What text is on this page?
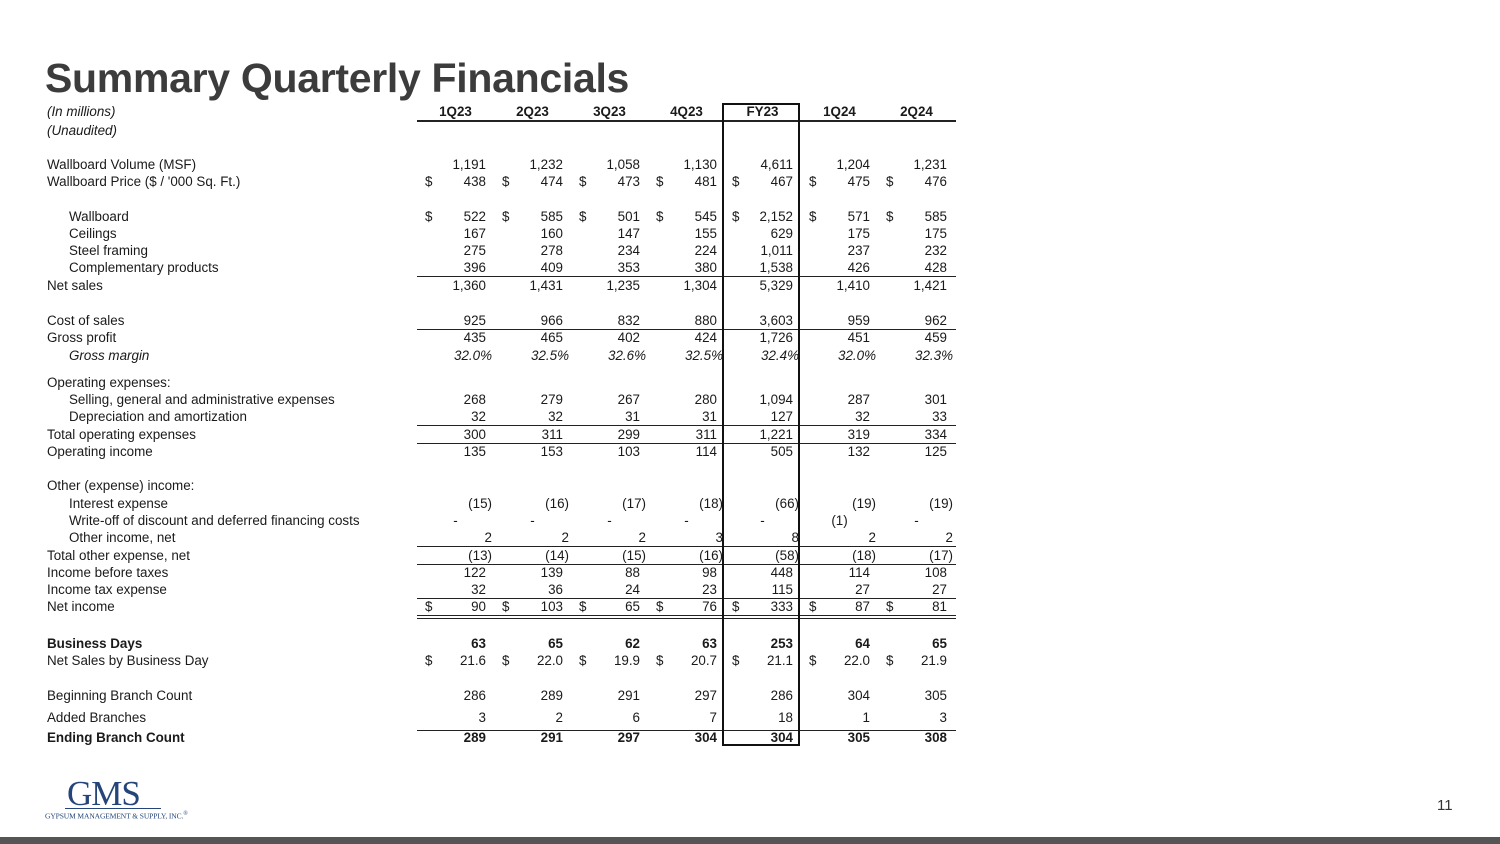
Summary Quarterly Financials
(In millions)	1Q23	2Q23	3Q23	4Q23	FY23	1Q24	2Q24
(Unaudited)
Wallboard Volume (MSF)	1,191	1,232	1,058	1,130	4,611	1,204	1,231
Wallboard Price ($ / '000 Sq. Ft.)	$ 438 $ 474 $ 473 $ 481 $ 467 $ 475 $ 476
Wallboard	$ 522 $ 585 $ 501 $ 545 $ 2,152 $ 571 $ 585
Ceilings	167	160	147	155	629	175	175
Steel framing	275	278	234	224	1,011	237	232
Complementary products	396	409	353	380	1,538	426	428
Net sales	1,360	1,431	1,235	1,304	5,329	1,410	1,421
Cost of sales	925	966	832	880	3,603	959	962
Gross profit	435	465	402	424	1,726	451	459
Gross margin	32.0%	32.5%	32.6%	32.5%	32.4%	32.0%	32.3%
Operating expenses:
Selling, general and administrative expenses	268	279	267	280	1,094	287	301
Depreciation and amortization	32	32	31	31	127	32	33
Total operating expenses	300	311	299	311	1,221	319	334
Operating income	135	153	103	114	505	132	125
Other (expense) income:
Interest expense	(15)	(16)	(17)	(18)	(66)	(19)	(19)
Write-off of discount and deferred financing costs	-	-	-	-	-	(1)	-
Other income, net	2	2	2	3	8	2	2
Total other expense, net	(13)	(14)	(15)	(16)	(58)	(18)	(17)
Income before taxes	122	139	88	98	448	114	108
Income tax expense	32	36	24	23	115	27	27
Net income	$	90 $ 103 $	65 $	76 $ 333 $	87 $	81
Business Days	63	65	62	63	253	64	65
Net Sales by Business Day	$ 21.6 $ 22.0 $ 19.9 $ 20.7 $ 21.1 $ 22.0 $ 21.9
Beginning Branch Count	286	289	291	297	286	304	305
Added Branches	3	2	6	7	18	1	3
Ending Branch Count	289	291	297	304	304	305	308
GMS
GYPSUM MANAGEMENT & SUPPLY, INC.®	11
